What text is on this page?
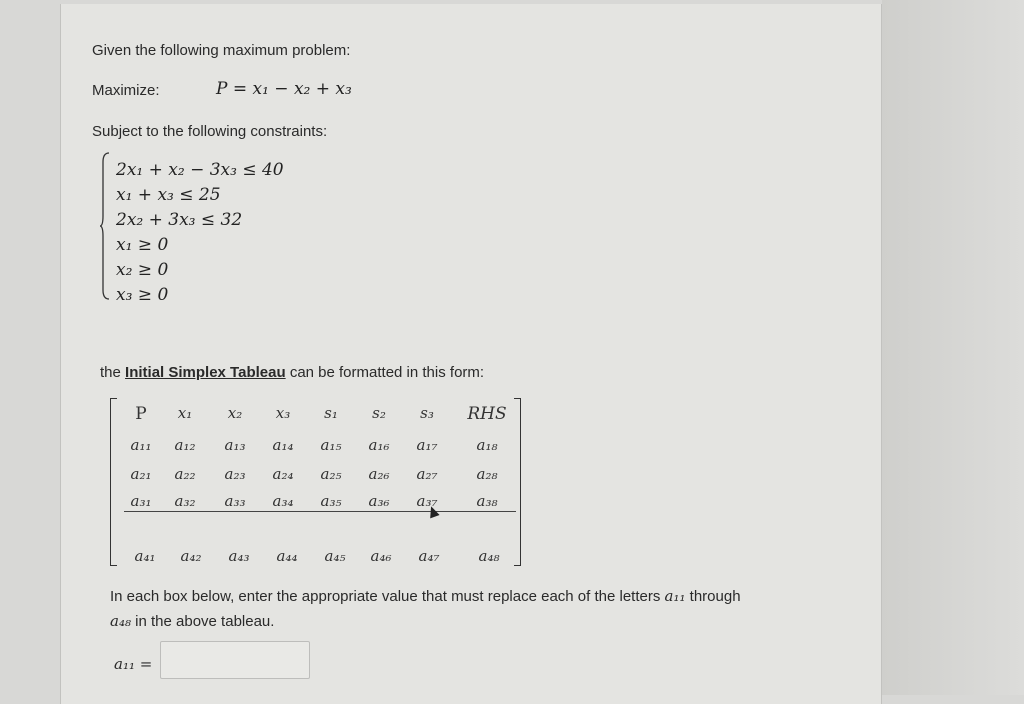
Given the following maximum problem:
Maximize:	P = x₁ − x₂ + x₃
Subject to the following constraints:
2x₁ + x₂ − 3x₃ ≤ 40
x₁ + x₃ ≤ 25
2x₂ + 3x₃ ≤ 32
x₁ ≥ 0
x₂ ≥ 0
x₃ ≥ 0
the Initial Simplex Tableau can be formatted in this form:
P	x₁	x₂	x₃	s₁	s₂	s₃	RHS
a₁₁	a₁₂	a₁₃	a₁₄	a₁₅	a₁₆	a₁₇	a₁₈
a₂₁	a₂₂	a₂₃	a₂₄	a₂₅	a₂₆	a₂₇	a₂₈
a₃₁	a₃₂	a₃₃	a₃₄	a₃₅	a₃₆	a₃₇	a₃₈
a₄₁	a₄₂	a₄₃	a₄₄	a₄₅	a₄₆	a₄₇	a₄₈
In each box below, enter the appropriate value that must replace each of the letters a₁₁ through
a₄₈ in the above tableau.
a₁₁ =
